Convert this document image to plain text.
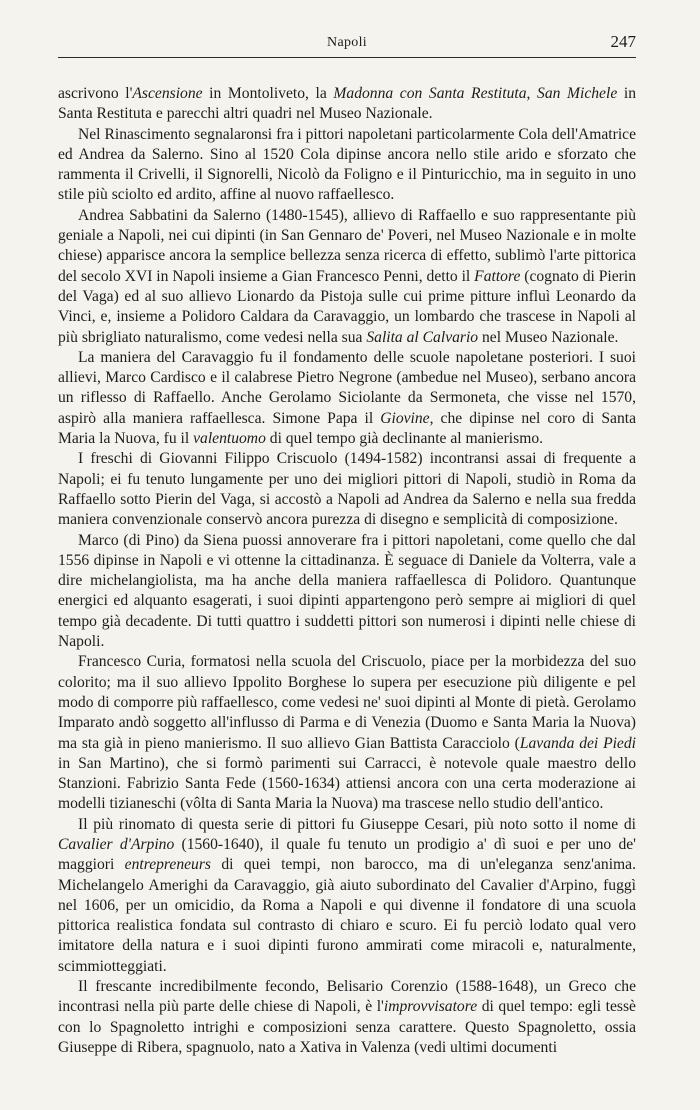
Napoli	247

ascrivono l'Ascensione in Montoliveto, la Madonna con Santa Restituta, San Michele in Santa Restituta e parecchi altri quadri nel Museo Nazionale.

Nel Rinascimento segnalaronsi fra i pittori napoletani particolarmente Cola dell'Amatrice ed Andrea da Salerno. Sino al 1520 Cola dipinse ancora nello stile arido e sforzato che rammenta il Crivelli, il Signorelli, Nicolò da Foligno e il Pinturicchio, ma in seguito in uno stile più sciolto ed ardito, affine al nuovo raffaellesco.

Andrea Sabbatini da Salerno (1480-1545), allievo di Raffaello e suo rappresentante più geniale a Napoli, nei cui dipinti (in San Gennaro de' Poveri, nel Museo Nazionale e in molte chiese) apparisce ancora la semplice bellezza senza ricerca di effetto, sublimò l'arte pittorica del secolo XVI in Napoli insieme a Gian Francesco Penni, detto il Fattore (cognato di Pierin del Vaga) ed al suo allievo Lionardo da Pistoja sulle cui prime pitture influì Leonardo da Vinci, e, insieme a Polidoro Caldara da Caravaggio, un lombardo che trascese in Napoli al più sbrigliato naturalismo, come vedesi nella sua Salita al Calvario nel Museo Nazionale.

La maniera del Caravaggio fu il fondamento delle scuole napoletane posteriori. I suoi allievi, Marco Cardisco e il calabrese Pietro Negrone (ambedue nel Museo), serbano ancora un riflesso di Raffaello. Anche Gerolamo Siciolante da Sermoneta, che visse nel 1570, aspirò alla maniera raffaellesca. Simone Papa il Giovine, che dipinse nel coro di Santa Maria la Nuova, fu il valentuomo di quel tempo già declinante al manierismo.

I freschi di Giovanni Filippo Criscuolo (1494-1582) incontransi assai di frequente a Napoli; ei fu tenuto lungamente per uno dei migliori pittori di Napoli, studiò in Roma da Raffaello sotto Pierin del Vaga, si accostò a Napoli ad Andrea da Salerno e nella sua fredda maniera convenzionale conservò ancora purezza di disegno e semplicità di composizione.

Marco (di Pino) da Siena puossi annoverare fra i pittori napoletani, come quello che dal 1556 dipinse in Napoli e vi ottenne la cittadinanza. È seguace di Daniele da Volterra, vale a dire michelangiolista, ma ha anche della maniera raffaellesca di Polidoro. Quantunque energici ed alquanto esagerati, i suoi dipinti appartengono però sempre ai migliori di quel tempo già decadente. Di tutti quattro i suddetti pittori son numerosi i dipinti nelle chiese di Napoli.

Francesco Curia, formatosi nella scuola del Criscuolo, piace per la morbidezza del suo colorito; ma il suo allievo Ippolito Borghese lo supera per esecuzione più diligente e pel modo di comporre più raffaellesco, come vedesi ne' suoi dipinti al Monte di pietà. Gerolamo Imparato andò soggetto all'influsso di Parma e di Venezia (Duomo e Santa Maria la Nuova) ma sta già in pieno manierismo. Il suo allievo Gian Battista Caracciolo (Lavanda dei Piedi in San Martino), che si formò parimenti sui Carracci, è notevole quale maestro dello Stanzioni. Fabrizio Santa Fede (1560-1634) attiensi ancora con una certa moderazione ai modelli tizianeschi (vôlta di Santa Maria la Nuova) ma trascese nello studio dell'antico.

Il più rinomato di questa serie di pittori fu Giuseppe Cesari, più noto sotto il nome di Cavalier d'Arpino (1560-1640), il quale fu tenuto un prodigio a' dì suoi e per uno de' maggiori entrepreneurs di quei tempi, non barocco, ma di un'eleganza senz'anima. Michelangelo Amerighi da Caravaggio, già aiuto subordinato del Cavalier d'Arpino, fuggì nel 1606, per un omicidio, da Roma a Napoli e qui divenne il fondatore di una scuola pittorica realistica fondata sul contrasto di chiaro e scuro. Ei fu perciò lodato qual vero imitatore della natura e i suoi dipinti furono ammirati come miracoli e, naturalmente, scimmiotteggiati.

Il frescante incredibilmente fecondo, Belisario Corenzio (1588-1648), un Greco che incontrasi nella più parte delle chiese di Napoli, è l'improvvisatore di quel tempo: egli tessè con lo Spagnoletto intrighi e composizioni senza carattere. Questo Spagnoletto, ossia Giuseppe di Ribera, spagnuolo, nato a Xativa in Valenza (vedi ultimi documenti
